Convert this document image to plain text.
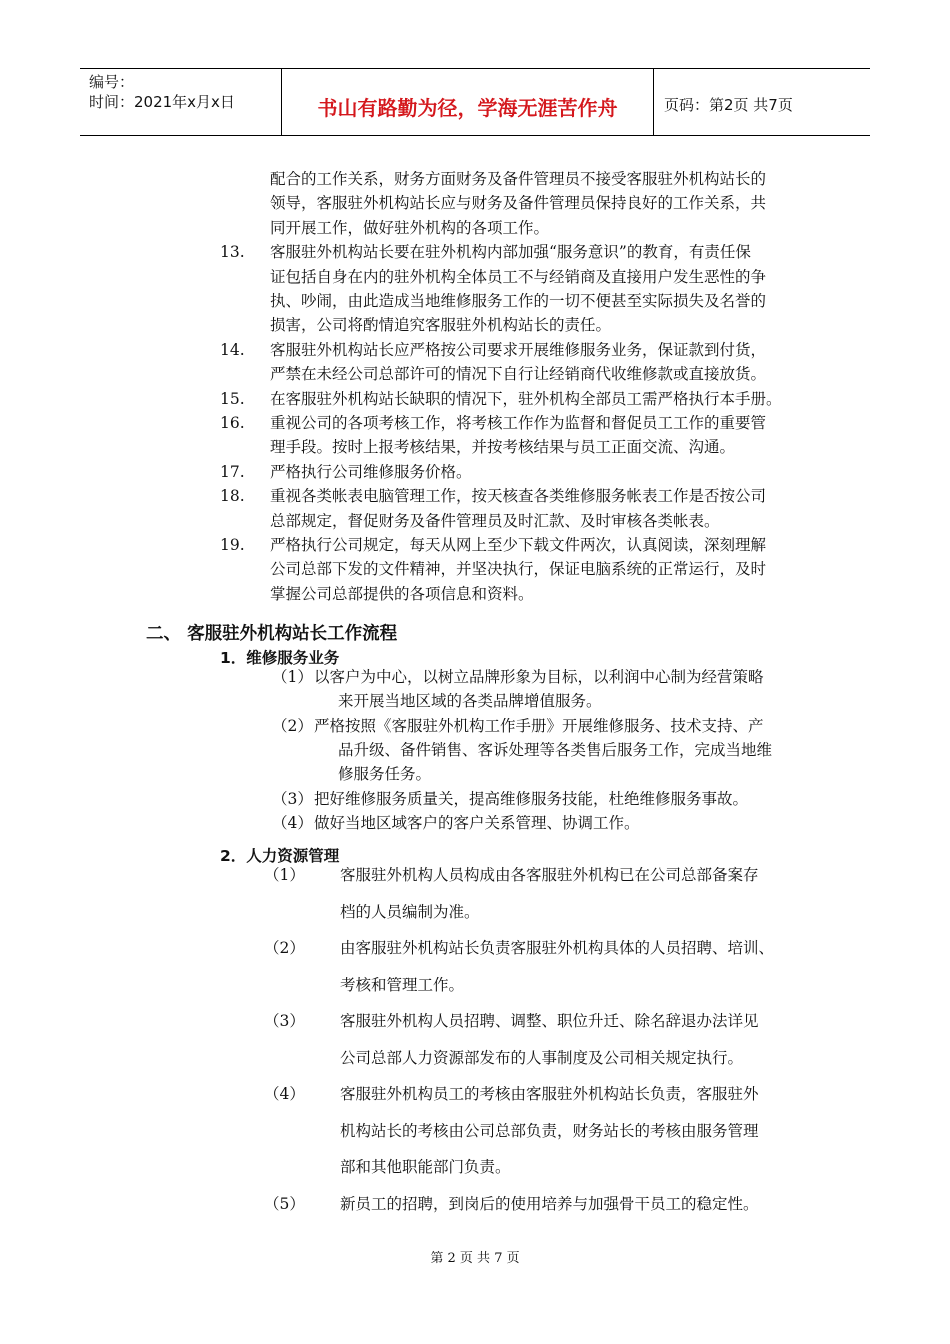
编号：
时间：2021年x月x日	书山有路勤为径，学海无涯苦作舟	页码：第2页 共7页
配合的工作关系，财务方面财务及备件管理员不接受客服驻外机构站长的
领导，客服驻外机构站长应与财务及备件管理员保持良好的工作关系，共
同开展工作，做好驻外机构的各项工作。
13. 客服驻外机构站长要在驻外机构内部加强“服务意识”的教育，有责任保
证包括自身在内的驻外机构全体员工不与经销商及直接用户发生恶性的争
执、吵闹，由此造成当地维修服务工作的一切不便甚至实际损失及名誉的
损害，公司将酌情追究客服驻外机构站长的责任。
14. 客服驻外机构站长应严格按公司要求开展维修服务业务，保证款到付货，
严禁在未经公司总部许可的情况下自行让经销商代收维修款或直接放货。
15. 在客服驻外机构站长缺职的情况下，驻外机构全部员工需严格执行本手册。
16. 重视公司的各项考核工作，将考核工作作为监督和督促员工工作的重要管
理手段。按时上报考核结果，并按考核结果与员工正面交流、沟通。
17. 严格执行公司维修服务价格。
18. 重视各类帐表电脑管理工作，按天核查各类维修服务帐表工作是否按公司
总部规定，督促财务及备件管理员及时汇款、及时审核各类帐表。
19. 严格执行公司规定，每天从网上至少下载文件两次，认真阅读，深刻理解
公司总部下发的文件精神，并坚决执行，保证电脑系统的正常运行，及时
掌握公司总部提供的各项信息和资料。
二、 客服驻外机构站长工作流程
1．维修服务业务
（1） 以客户为中心，以树立品牌形象为目标，以利润中心制为经营策略
来开展当地区域的各类品牌增值服务。
（2） 严格按照《客服驻外机构工作手册》开展维修服务、技术支持、产
品升级、备件销售、客诉处理等各类售后服务工作，完成当地维
修服务任务。
（3） 把好维修服务质量关，提高维修服务技能，杜绝维修服务事故。
（4） 做好当地区域客户的客户关系管理、协调工作。
2．人力资源管理
（1） 客服驻外机构人员构成由各客服驻外机构已在公司总部备案存
档的人员编制为准。
（2） 由客服驻外机构站长负责客服驻外机构具体的人员招聘、培训、
考核和管理工作。
（3） 客服驻外机构人员招聘、调整、职位升迁、除名辞退办法详见
公司总部人力资源部发布的人事制度及公司相关规定执行。
（4） 客服驻外机构员工的考核由客服驻外机构站长负责，客服驻外
机构站长的考核由公司总部负责，财务站长的考核由服务管理
部和其他职能部门负责。
（5） 新员工的招聘，到岗后的使用培养与加强骨干员工的稳定性。
第 2 页 共 7 页
